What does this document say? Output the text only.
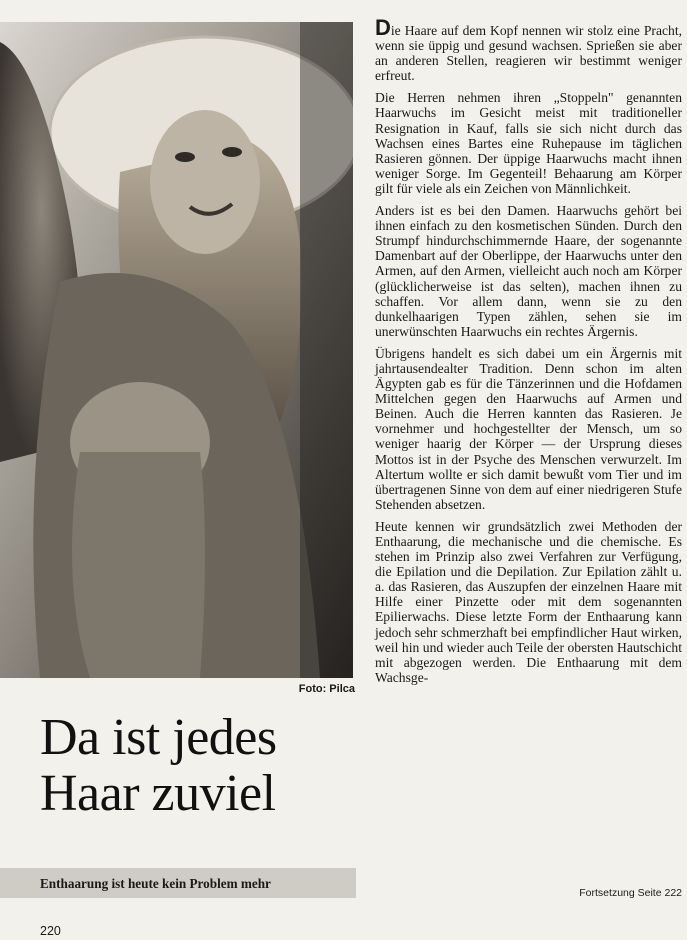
Foto: Pilca
Da ist jedes
Haar zuviel
Enthaarung ist heute kein Problem mehr
220

Die Haare auf dem Kopf nennen wir stolz eine Pracht, wenn sie üppig und gesund wachsen. Sprießen sie aber an anderen Stellen, reagieren wir bestimmt weniger erfreut.

Die Herren nehmen ihren „Stoppeln" genannten Haarwuchs im Gesicht meist mit traditioneller Resignation in Kauf, falls sie sich nicht durch das Wachsen eines Bartes eine Ruhepause im täglichen Rasieren gönnen. Der üppige Haarwuchs macht ihnen weniger Sorge. Im Gegenteil! Behaarung am Körper gilt für viele als ein Zeichen von Männlichkeit.

Anders ist es bei den Damen. Haarwuchs gehört bei ihnen einfach zu den kosmetischen Sünden. Durch den Strumpf hindurchschimmernde Haare, der sogenannte Damenbart auf der Oberlippe, der Haarwuchs unter den Armen, auf den Armen, vielleicht auch noch am Körper (glücklicherweise ist das selten), machen ihnen zu schaffen. Vor allem dann, wenn sie zu den dunkelhaarigen Typen zählen, sehen sie im unerwünschten Haarwuchs ein rechtes Ärgernis.

Übrigens handelt es sich dabei um ein Ärgernis mit jahrtausendealter Tradition. Denn schon im alten Ägypten gab es für die Tänzerinnen und die Hofdamen Mittelchen gegen den Haarwuchs auf Armen und Beinen. Auch die Herren kannten das Rasieren. Je vornehmer und hochgestellter der Mensch, um so weniger haarig der Körper — der Ursprung dieses Mottos ist in der Psyche des Menschen verwurzelt. Im Altertum wollte er sich damit bewußt vom Tier und im übertragenen Sinne von dem auf einer niedrigeren Stufe Stehenden absetzen.

Heute kennen wir grundsätzlich zwei Methoden der Enthaarung, die mechanische und die chemische. Es stehen im Prinzip also zwei Verfahren zur Verfügung, die Epilation und die Depilation. Zur Epilation zählt u. a. das Rasieren, das Auszupfen der einzelnen Haare mit Hilfe einer Pinzette oder mit dem sogenannten Epilierwachs. Diese letzte Form der Enthaarung kann jedoch sehr schmerzhaft bei empfindlicher Haut wirken, weil hin und wieder auch Teile der obersten Hautschicht mit abgezogen werden. Die Enthaarung mit dem Wachsge-

Fortsetzung Seite 222
